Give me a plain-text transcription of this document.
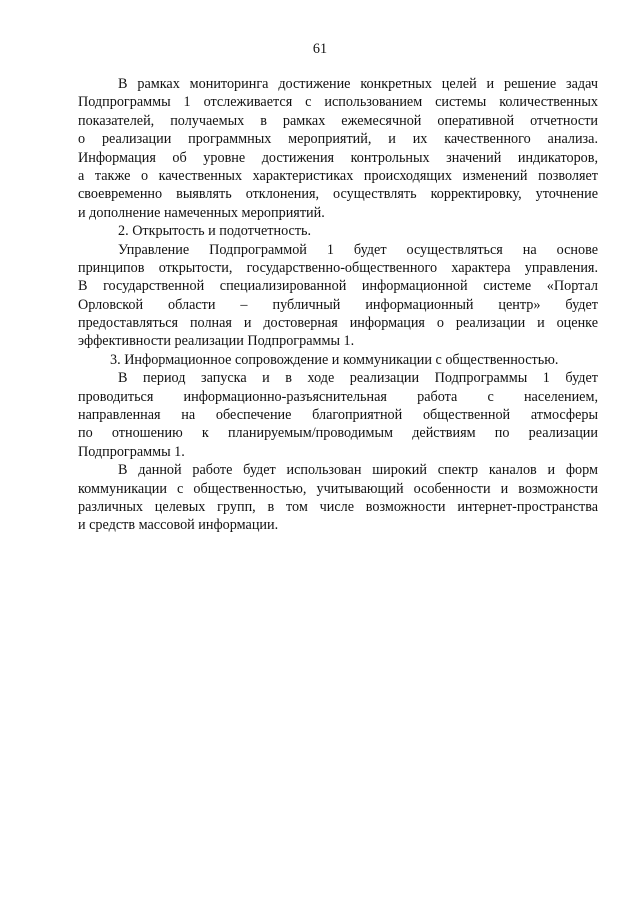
61

В рамках мониторинга достижение конкретных целей и решение задач

Подпрограммы 1 отслеживается с использованием системы количественных

показателей, получаемых в рамках ежемесячной оперативной отчетности

о реализации программных мероприятий, и их качественного анализа.

Информация об уровне достижения контрольных значений индикаторов,

а также о качественных характеристиках происходящих изменений позволяет

своевременно выявлять отклонения, осуществлять корректировку, уточнение

и дополнение намеченных мероприятий.

2. Открытость и подотчетность.

Управление Подпрограммой 1 будет осуществляться на основе

принципов открытости, государственно-общественного характера управления.

В государственной специализированной информационной системе «Портал

Орловской области – публичный информационный центр» будет

предоставляться полная и достоверная информация о реализации и оценке

эффективности реализации Подпрограммы 1.

3. Информационное сопровождение и коммуникации с общественностью.

В период запуска и в ходе реализации Подпрограммы 1 будет

проводиться информационно-разъяснительная работа с населением,

направленная на обеспечение благоприятной общественной атмосферы

по отношению к планируемым/проводимым действиям по реализации

Подпрограммы 1.

В данной работе будет использован широкий спектр каналов и форм

коммуникации с общественностью, учитывающий особенности и возможности

различных целевых групп, в том числе возможности интернет-пространства

и средств массовой информации.
